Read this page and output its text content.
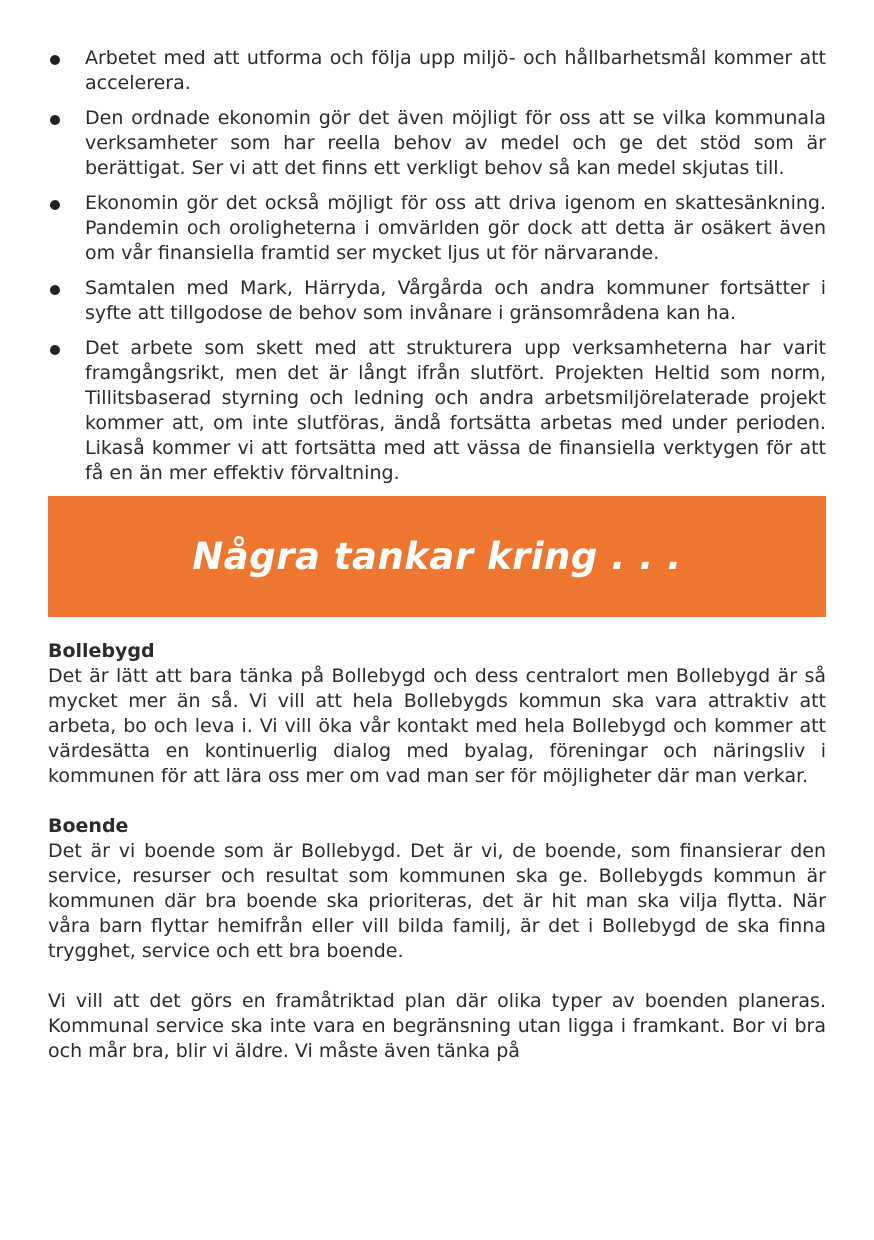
Arbetet med att utforma och följa upp miljö- och hållbarhetsmål kommer att accelerera.
Den ordnade ekonomin gör det även möjligt för oss att se vilka kommunala verksamheter som har reella behov av medel och ge det stöd som är berättigat. Ser vi att det finns ett verkligt behov så kan medel skjutas till.
Ekonomin gör det också möjligt för oss att driva igenom en skattesänkning. Pandemin och oroligheterna i omvärlden gör dock att detta är osäkert även om vår finansiella framtid ser mycket ljus ut för närvarande.
Samtalen med Mark, Härryda, Vårgårda och andra kommuner fortsätter i syfte att tillgodose de behov som invånare i gränsområdena kan ha.
Det arbete som skett med att strukturera upp verksamheterna har varit framgångsrikt, men det är långt ifrån slutfört. Projekten Heltid som norm, Tillitsbaserad styrning och ledning och andra arbetsmiljörelaterade projekt kommer att, om inte slutföras, ändå fortsätta arbetas med under perioden. Likaså kommer vi att fortsätta med att vässa de finansiella verktygen för att få en än mer effektiv förvaltning.
Några tankar kring . . .
Bollebygd

Det är lätt att bara tänka på Bollebygd och dess centralort men Bollebygd är så mycket mer än så. Vi vill att hela Bollebygds kommun ska vara attraktiv att arbeta, bo och leva i. Vi vill öka vår kontakt med hela Bollebygd och kommer att värdesätta en kontinuerlig dialog med byalag, föreningar och näringsliv i kommunen för att lära oss mer om vad man ser för möjligheter där man verkar.

Boende

Det är vi boende som är Bollebygd. Det är vi, de boende, som finansierar den service, resurser och resultat som kommunen ska ge. Bollebygds kommun är kommunen där bra boende ska prioriteras, det är hit man ska vilja flytta. När våra barn flyttar hemifrån eller vill bilda familj, är det i Bollebygd de ska finna trygghet, service och ett bra boende.

Vi vill att det görs en framåtriktad plan där olika typer av boenden planeras. Kommunal service ska inte vara en begränsning utan ligga i framkant. Bor vi bra och mår bra, blir vi äldre. Vi måste även tänka på
